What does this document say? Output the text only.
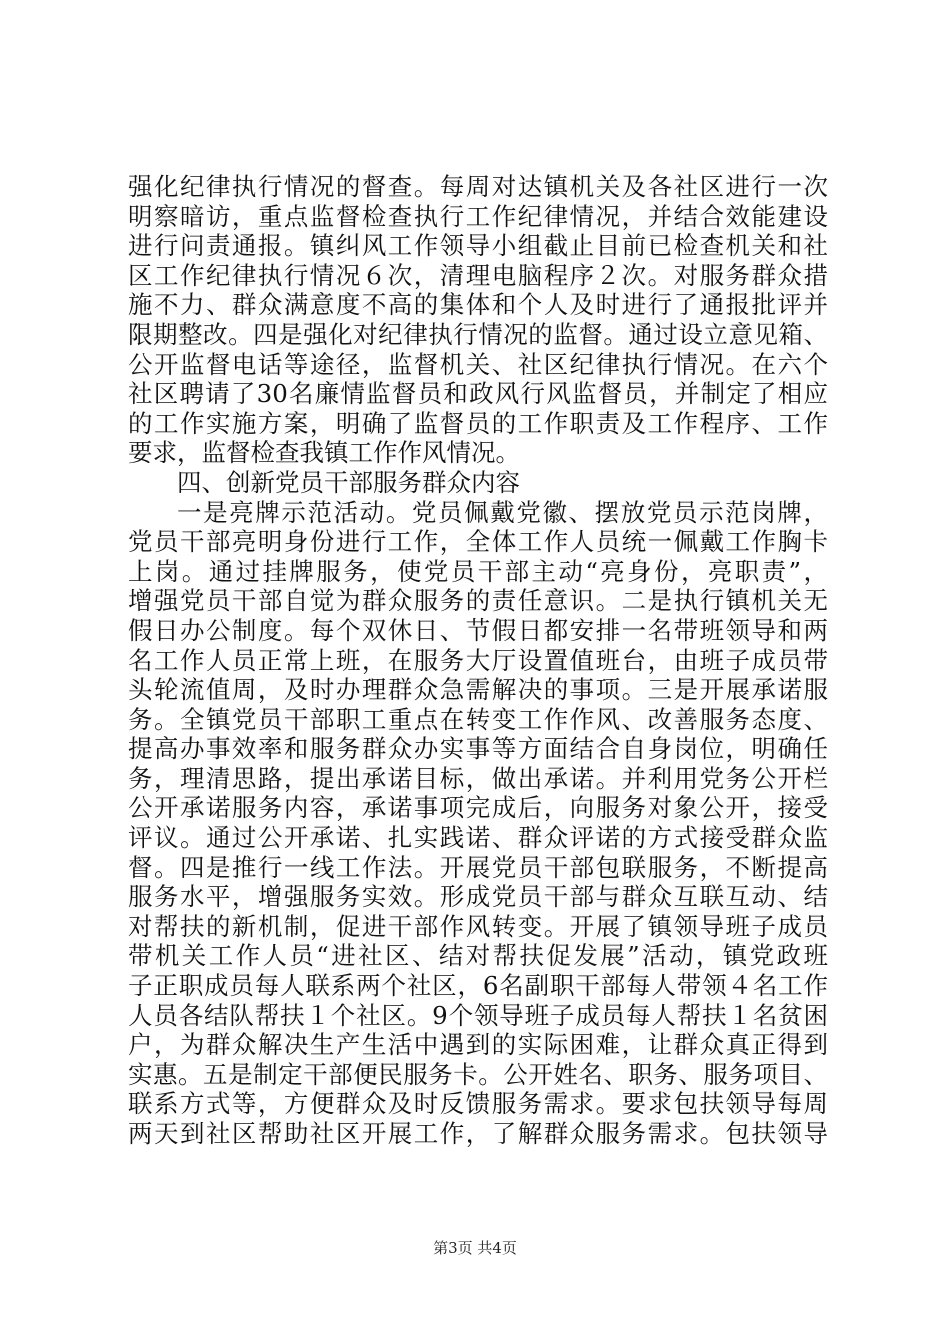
强化纪律执行情况的督查。每周对达镇机关及各社区进行一次
明察暗访，重点监督检查执行工作纪律情况，并结合效能建设
进行问责通报。镇纠风工作领导小组截止目前已检查机关和社
区工作纪律执行情况６次，清理电脑程序２次。对服务群众措
施不力、群众满意度不高的集体和个人及时进行了通报批评并
限期整改。四是强化对纪律执行情况的监督。通过设立意见箱、
公开监督电话等途径，监督机关、社区纪律执行情况。在六个
社区聘请了30名廉情监督员和政风行风监督员，并制定了相应
的工作实施方案，明确了监督员的工作职责及工作程序、工作
要求，监督检查我镇工作作风情况。
四、创新党员干部服务群众内容
一是亮牌示范活动。党员佩戴党徽、摆放党员示范岗牌，
党员干部亮明身份进行工作，全体工作人员统一佩戴工作胸卡
上岗。通过挂牌服务，使党员干部主动“亮身份，亮职责”，
增强党员干部自觉为群众服务的责任意识。二是执行镇机关无
假日办公制度。每个双休日、节假日都安排一名带班领导和两
名工作人员正常上班，在服务大厅设置值班台，由班子成员带
头轮流值周，及时办理群众急需解决的事项。三是开展承诺服
务。全镇党员干部职工重点在转变工作作风、改善服务态度、
提高办事效率和服务群众办实事等方面结合自身岗位，明确任
务，理清思路，提出承诺目标，做出承诺。并利用党务公开栏
公开承诺服务内容，承诺事项完成后，向服务对象公开，接受
评议。通过公开承诺、扎实践诺、群众评诺的方式接受群众监
督。四是推行一线工作法。开展党员干部包联服务，不断提高
服务水平，增强服务实效。形成党员干部与群众互联互动、结
对帮扶的新机制，促进干部作风转变。开展了镇领导班子成员
带机关工作人员“进社区、结对帮扶促发展”活动，镇党政班
子正职成员每人联系两个社区，6名副职干部每人带领４名工作
人员各结队帮扶１个社区。9个领导班子成员每人帮扶１名贫困
户，为群众解决生产生活中遇到的实际困难，让群众真正得到
实惠。五是制定干部便民服务卡。公开姓名、职务、服务项目、
联系方式等，方便群众及时反馈服务需求。要求包扶领导每周
两天到社区帮助社区开展工作，了解群众服务需求。包扶领导
第3页 共4页
